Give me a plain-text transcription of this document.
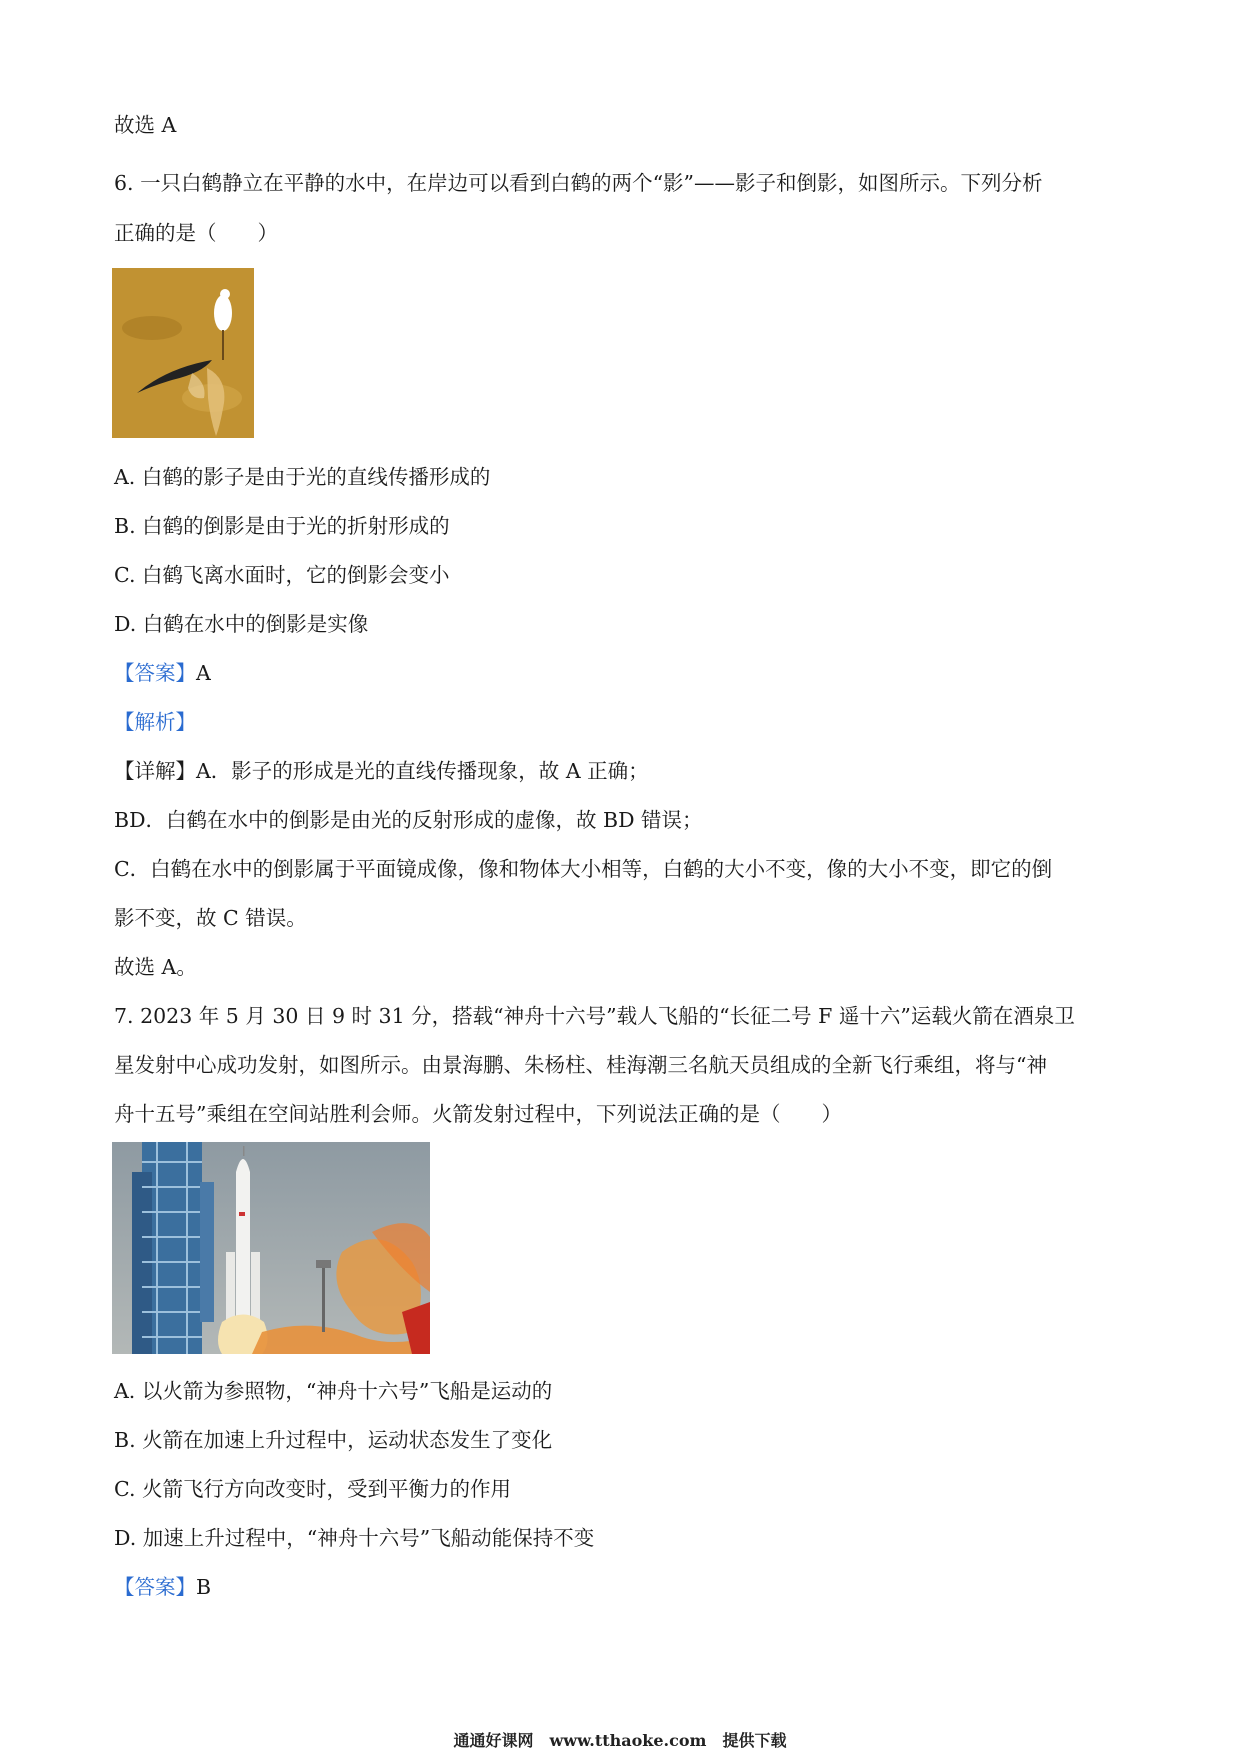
故选 A
6. 一只白鹤静立在平静的水中，在岸边可以看到白鹤的两个“影”——影子和倒影，如图所示。下列分析
正确的是（　　）
A. 白鹤的影子是由于光的直线传播形成的
B. 白鹤的倒影是由于光的折射形成的
C. 白鹤飞离水面时，它的倒影会变小
D. 白鹤在水中的倒影是实像
【答案】A
【解析】
【详解】A．影子的形成是光的直线传播现象，故 A 正确；
BD．白鹤在水中的倒影是由光的反射形成的虚像，故 BD 错误；
C．白鹤在水中的倒影属于平面镜成像，像和物体大小相等，白鹤的大小不变，像的大小不变，即它的倒
影不变，故 C 错误。
故选 A。
7. 2023 年 5 月 30 日 9 时 31 分，搭载“神舟十六号”载人飞船的“长征二号 F 遥十六”运载火箭在酒泉卫
星发射中心成功发射，如图所示。由景海鹏、朱杨柱、桂海潮三名航天员组成的全新飞行乘组，将与“神
舟十五号”乘组在空间站胜利会师。火箭发射过程中，下列说法正确的是（　　）
A. 以火箭为参照物，“神舟十六号”飞船是运动的
B. 火箭在加速上升过程中，运动状态发生了变化
C. 火箭飞行方向改变时，受到平衡力的作用
D. 加速上升过程中，“神舟十六号”飞船动能保持不变
【答案】B
通通好课网　www.tthaoke.com　提供下载
